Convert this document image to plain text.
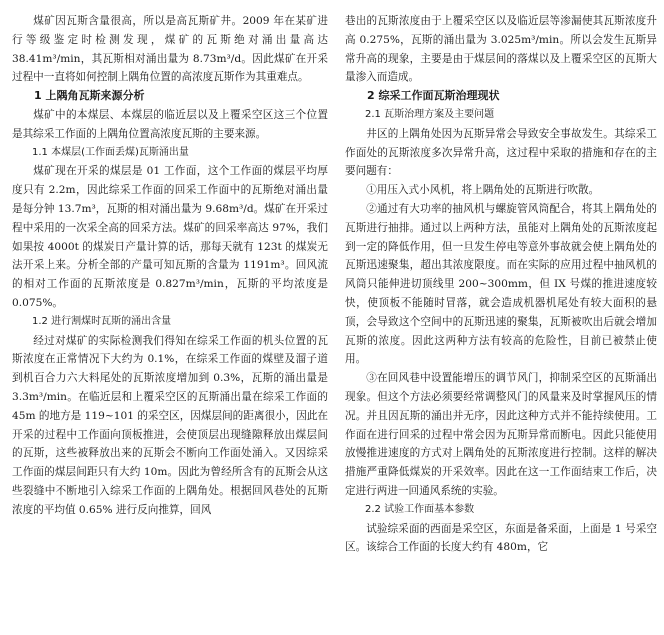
煤矿因瓦斯含量很高，所以是高瓦斯矿井。2009 年在某矿进行等级鉴定时检测发现，煤矿的瓦斯绝对涌出量高达 38.41m³/min，其瓦斯相对涌出量为 8.73m³/d。因此煤矿在开采过程中一直将如何控制上隅角位置的高浓度瓦斯作为其重难点。

1 上隅角瓦斯来源分析

煤矿中的本煤层、本煤层的临近层以及上覆采空区这三个位置是其综采工作面的上隅角位置高浓度瓦斯的主要来源。

1.1 本煤层(工作面丢煤)瓦斯涌出量

煤矿现在开采的煤层是 01 工作面，这个工作面的煤层平均厚度只有 2.2m，因此综采工作面的回采工作面中的瓦斯绝对涌出量是每分钟 13.7m³，瓦斯的相对涌出量为 9.68m³/d。煤矿在开采过程中采用的一次采全高的回采方法。煤矿的回采率高达 97%，我们如果按 4000t 的煤炭日产量计算的话，那每天就有 123t 的煤炭无法开采上来。分析全部的产量可知瓦斯的含量为 1191m³。回风流的相对工作面的瓦斯浓度是 0.827m³/min，瓦斯的平均浓度是 0.075%。

1.2 进行割煤时瓦斯的涌出含量

经过对煤矿的实际检测我们得知在综采工作面的机头位置的瓦斯浓度在正常情况下大约为 0.1%，在综采工作面的煤壁及溜子道到机百合力六大料尾处的瓦斯浓度增加到 0.3%，瓦斯的涌出量是 3.3m³/min。在临近层和上覆采空区的瓦斯涌出量在综采工作面的 45m 的地方是 119~101 的采空区，因煤层间的距离很小，因此在开采的过程中工作面向顶板推进，会使顶层出现缝隙释放出煤层间的瓦斯，这些被释放出来的瓦斯会不断向工作面处涌入。又因综采工作面的煤层间距只有大约 10m。因此为曾经所含有的瓦斯会从这些裂缝中不断地引入综采工作面的上隅角处。根据回风巷处的瓦斯浓度的平均值 0.65% 进行反向推算，回风

巷出的瓦斯浓度由于上覆采空区以及临近层等渗漏使其瓦斯浓度升高 0.275%，瓦斯的涌出量为 3.025m³/min。所以会发生瓦斯异常升高的现象，主要是由于煤层间的落煤以及上覆采空区的瓦斯大量渗入而造成。

2 综采工作面瓦斯治理现状
2.1 瓦斯治理方案及主要问题

井区的上隅角处因为瓦斯异常会导致安全事故发生。其综采工作面处的瓦斯浓度多次异常升高，这过程中采取的措施和存在的主要问题有：

①用压入式小风机，将上隅角处的瓦斯进行吹散。

②通过有大功率的抽风机与螺旋管风筒配合，将其上隅角处的瓦斯进行抽排。通过以上两种方法，虽能对上隅角处的瓦斯浓度起到一定的降低作用，但一旦发生停电等意外事故就会使上隅角处的瓦斯迅速聚集，超出其浓度限度。而在实际的应用过程中抽风机的风筒只能伸进切顶线里 200~300mm，但 IX 号煤的推进速度较快，使顶板不能随时冒落，就会造成机器机尾处有较大面积的悬顶，会导致这个空间中的瓦斯迅速的聚集，瓦斯被吹出后就会增加瓦斯的浓度。因此这两种方法有较高的危险性，目前已被禁止使用。

③在回风巷中设置能增压的调节风门，抑制采空区的瓦斯涌出现象。但这个方法必须要经常调整风门的风量来及时掌握风压的情况。并且因瓦斯的涌出并无序，因此这种方式并不能持续使用。工作面在进行回采的过程中常会因为瓦斯异常而断电。因此只能使用放慢推进速度的方式对上隅角处的瓦斯浓度进行控制。这样的解决措施严重降低煤炭的开采效率。因此在这一工作面结束工作后，决定进行两进一回通风系统的实验。

2.2 试验工作面基本参数

试验综采面的西面是采空区，东面是备采面，上面是 1 号采空区。该综合工作面的长度大约有 480m，它
